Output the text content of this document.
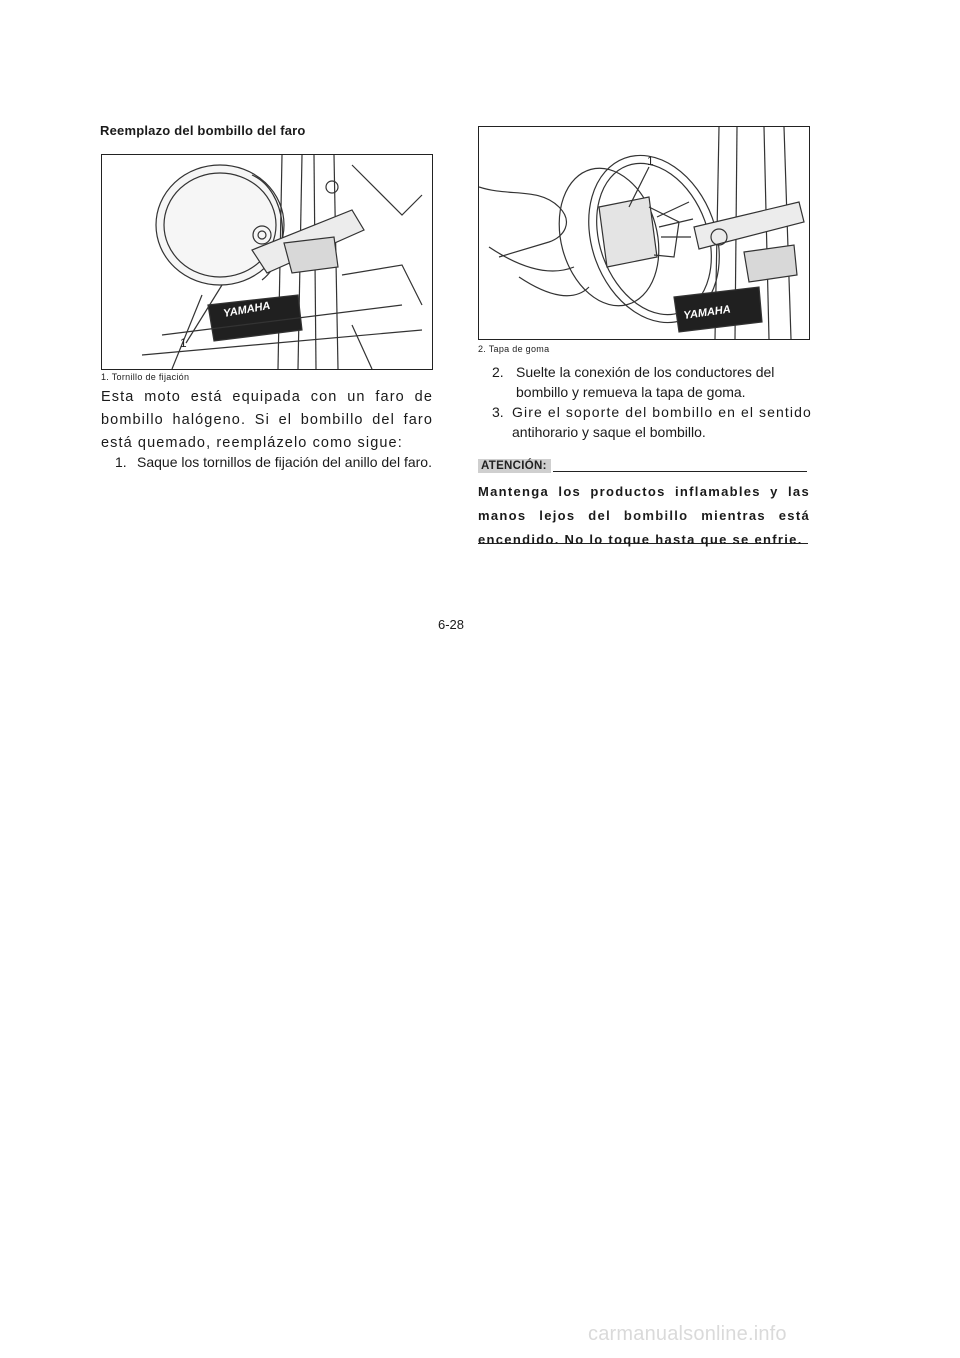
Reemplazo del bombillo del faro
YAMAHA
1
1. Tornillo de fijación
Esta moto está equipada con un faro de bombillo halógeno. Si el bombillo del faro está quemado, reemplázelo como sigue:
1. Saque los tornillos de fijación del anillo del faro.
YAMAHA
1
2. Tapa de goma
2. Suelte la conexión de los conductores del bombillo y remueva la tapa de goma.
3. Gire el soporte del bombillo en el sentido
antihorario y saque el bombillo.
ATENCIÓN:
Mantenga los productos inflamables y las manos lejos del bombillo mientras está encendido. No lo toque hasta que se enfrie.
6-28
carmanualsonline.info
